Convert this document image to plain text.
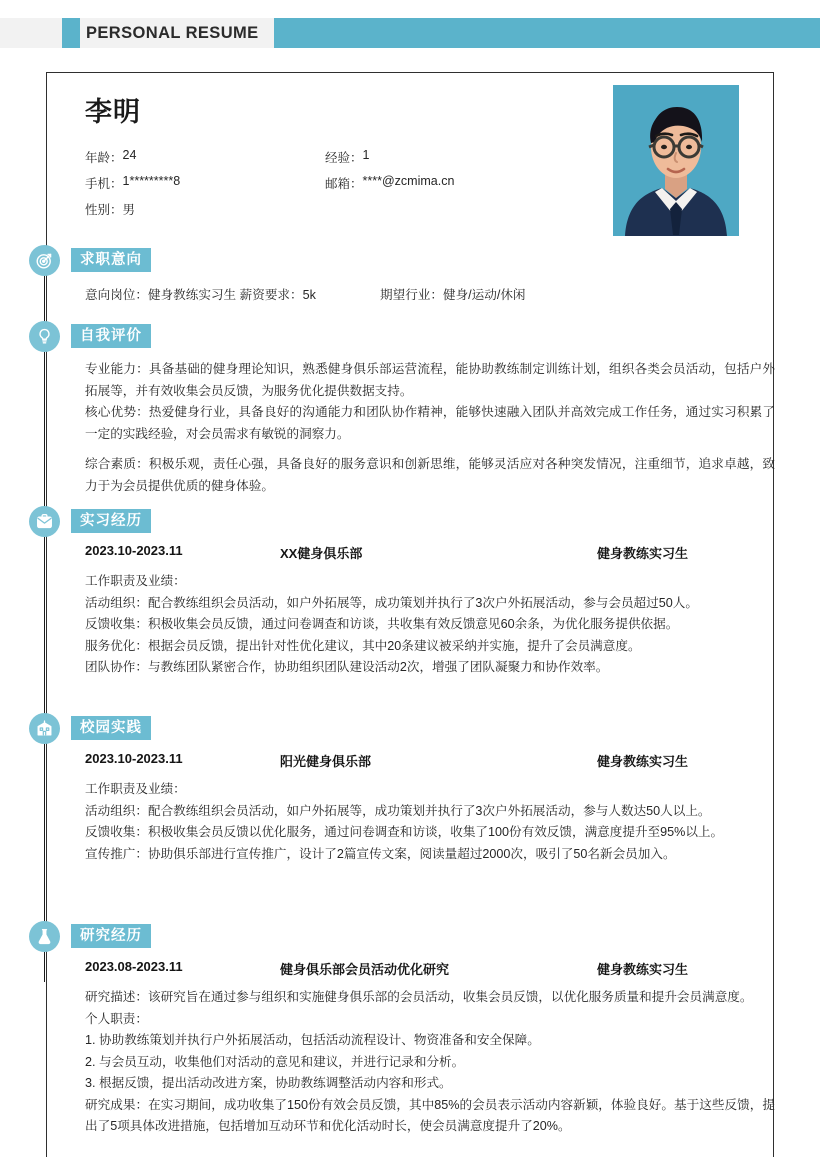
PERSONAL RESUME
李明
年龄： 24	经验： 1
手机： 1*********8	邮箱： ****@zcmima.cn
性别： 男
求职意向
意向岗位：健身教练实习生 薪资要求：5k	期望行业：健身/运动/休闲
自我评价
专业能力：具备基础的健身理论知识，熟悉健身俱乐部运营流程，能协助教练制定训练计划，组织各类会员活动，包括户外拓展等，并有效收集会员反馈，为服务优化提供数据支持。
核心优势：热爱健身行业，具备良好的沟通能力和团队协作精神，能够快速融入团队并高效完成工作任务，通过实习积累了一定的实践经验，对会员需求有敏锐的洞察力。
综合素质：积极乐观，责任心强，具备良好的服务意识和创新思维，能够灵活应对各种突发情况，注重细节，追求卓越，致力于为会员提供优质的健身体验。
实习经历
2023.10-2023.11	XX健身俱乐部	健身教练实习生
工作职责及业绩：
活动组织：配合教练组织会员活动，如户外拓展等，成功策划并执行了3次户外拓展活动，参与会员超过50人。
反馈收集：积极收集会员反馈，通过问卷调查和访谈，共收集有效反馈意见60余条，为优化服务提供依据。
服务优化：根据会员反馈，提出针对性优化建议，其中20条建议被采纳并实施，提升了会员满意度。
团队协作：与教练团队紧密合作，协助组织团队建设活动2次，增强了团队凝聚力和协作效率。
校园实践
2023.10-2023.11	阳光健身俱乐部	健身教练实习生
工作职责及业绩：
活动组织：配合教练组织会员活动，如户外拓展等，成功策划并执行了3次户外拓展活动，参与人数达50人以上。
反馈收集：积极收集会员反馈以优化服务，通过问卷调查和访谈，收集了100份有效反馈，满意度提升至95%以上。
宣传推广：协助俱乐部进行宣传推广，设计了2篇宣传文案，阅读量超过2000次，吸引了50名新会员加入。
研究经历
2023.08-2023.11	健身俱乐部会员活动优化研究	健身教练实习生
研究描述：该研究旨在通过参与组织和实施健身俱乐部的会员活动，收集会员反馈，以优化服务质量和提升会员满意度。
个人职责：
1. 协助教练策划并执行户外拓展活动，包括活动流程设计、物资准备和安全保障。
2. 与会员互动，收集他们对活动的意见和建议，并进行记录和分析。
3. 根据反馈，提出活动改进方案，协助教练调整活动内容和形式。
研究成果：在实习期间，成功收集了150份有效会员反馈，其中85%的会员表示活动内容新颖，体验良好。基于这些反馈，提出了5项具体改进措施，包括增加互动环节和优化活动时长，使会员满意度提升了20%。
